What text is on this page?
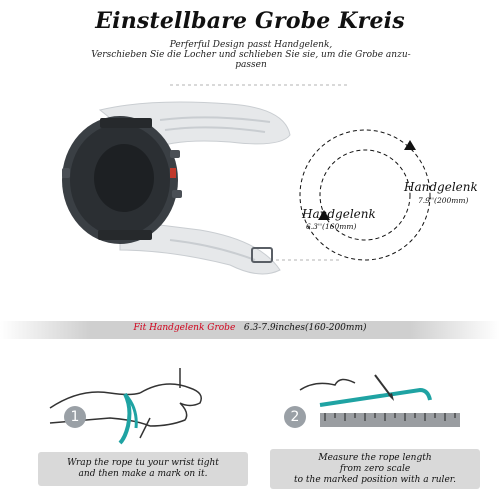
Einstellbare Grobe Kreis
Perferful Design passt Handgelenk,
Verschieben Sie die Locher und schlieben Sie sie, um die Grobe anzu-
passen
Handgelenk
7.9''(200mm)
Handgelenk
6.3''(160mm)
Fit Handgelenk Grobe 6.3-7.9inches(160-200mm)
1	2
Wrap the rope tu your wrist tight
and then make a mark on it.
Measure the rope length
from zero scale
to the marked position with a ruler.
